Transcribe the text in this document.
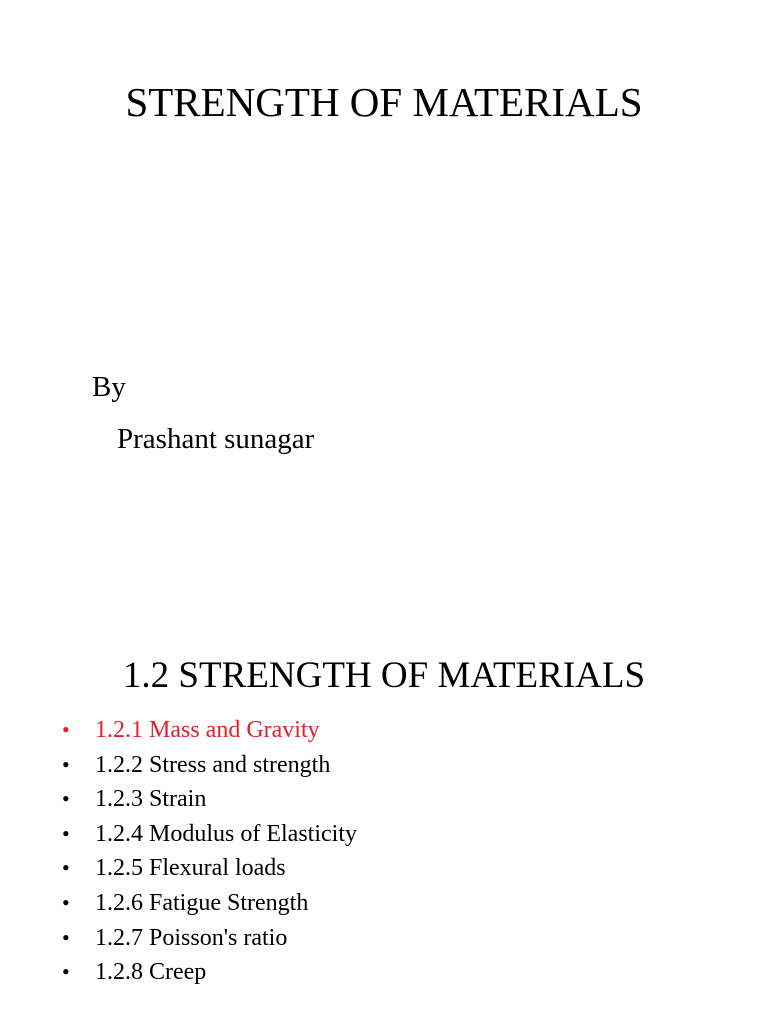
STRENGTH OF MATERIALS

By

Prashant sunagar

1.2 STRENGTH OF MATERIALS
•	1.2.1 Mass and Gravity
•	1.2.2 Stress and strength
•	1.2.3 Strain
•	1.2.4 Modulus of Elasticity
•	1.2.5 Flexural loads
•	1.2.6 Fatigue Strength
•	1.2.7 Poisson's ratio
•	1.2.8 Creep
